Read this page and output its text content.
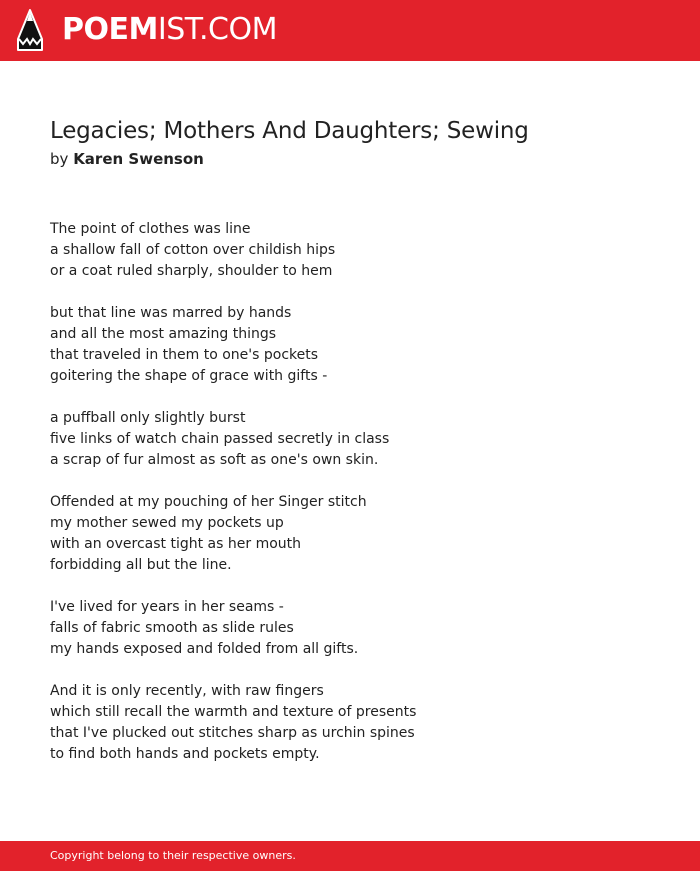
POEMIST.COM
Legacies; Mothers And Daughters; Sewing
by Karen Swenson
The point of clothes was line
a shallow fall of cotton over childish hips
or a coat ruled sharply, shoulder to hem
but that line was marred by hands
and all the most amazing things
that traveled in them to one's pockets
goitering the shape of grace with gifts -
a puffball only slightly burst
five links of watch chain passed secretly in class
a scrap of fur almost as soft as one's own skin.
Offended at my pouching of her Singer stitch
my mother sewed my pockets up
with an overcast tight as her mouth
forbidding all but the line.
I've lived for years in her seams -
falls of fabric smooth as slide rules
my hands exposed and folded from all gifts.
And it is only recently, with raw fingers
which still recall the warmth and texture of presents
that I've plucked out stitches sharp as urchin spines
to find both hands and pockets empty.
Copyright belong to their respective owners.
